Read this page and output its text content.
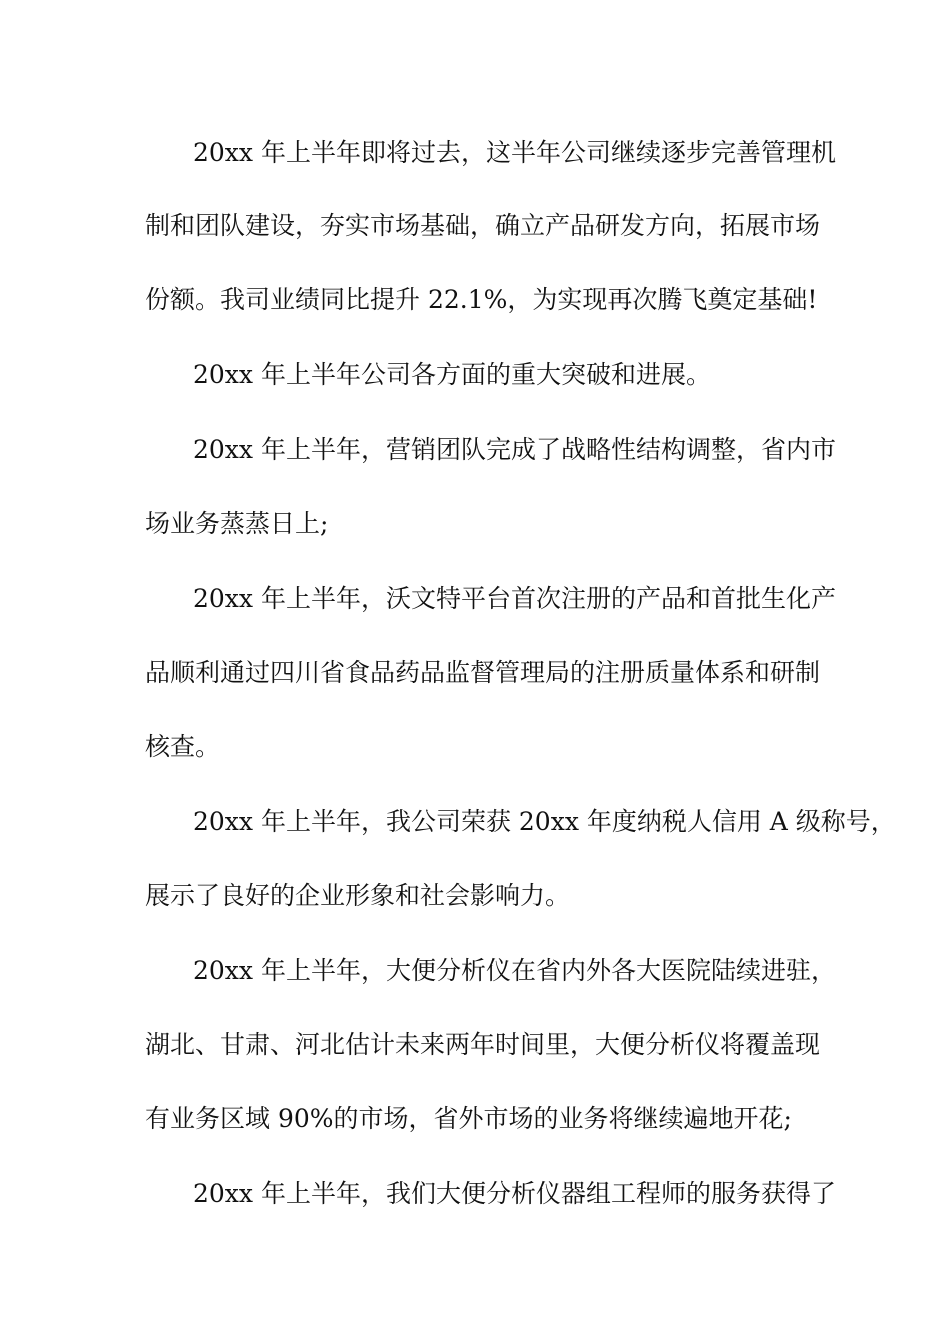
20xx 年上半年即将过去，这半年公司继续逐步完善管理机
制和团队建设，夯实市场基础，确立产品研发方向，拓展市场
份额。我司业绩同比提升 22.1%，为实现再次腾飞奠定基础!
20xx 年上半年公司各方面的重大突破和进展。
20xx 年上半年，营销团队完成了战略性结构调整，省内市
场业务蒸蒸日上;
20xx 年上半年，沃文特平台首次注册的产品和首批生化产
品顺利通过四川省食品药品监督管理局的注册质量体系和研制
核查。
20xx 年上半年，我公司荣获 20xx 年度纳税人信用 A 级称号，
展示了良好的企业形象和社会影响力。
20xx 年上半年，大便分析仪在省内外各大医院陆续进驻，
湖北、甘肃、河北估计未来两年时间里，大便分析仪将覆盖现
有业务区域 90%的市场，省外市场的业务将继续遍地开花;
20xx 年上半年，我们大便分析仪器组工程师的服务获得了
